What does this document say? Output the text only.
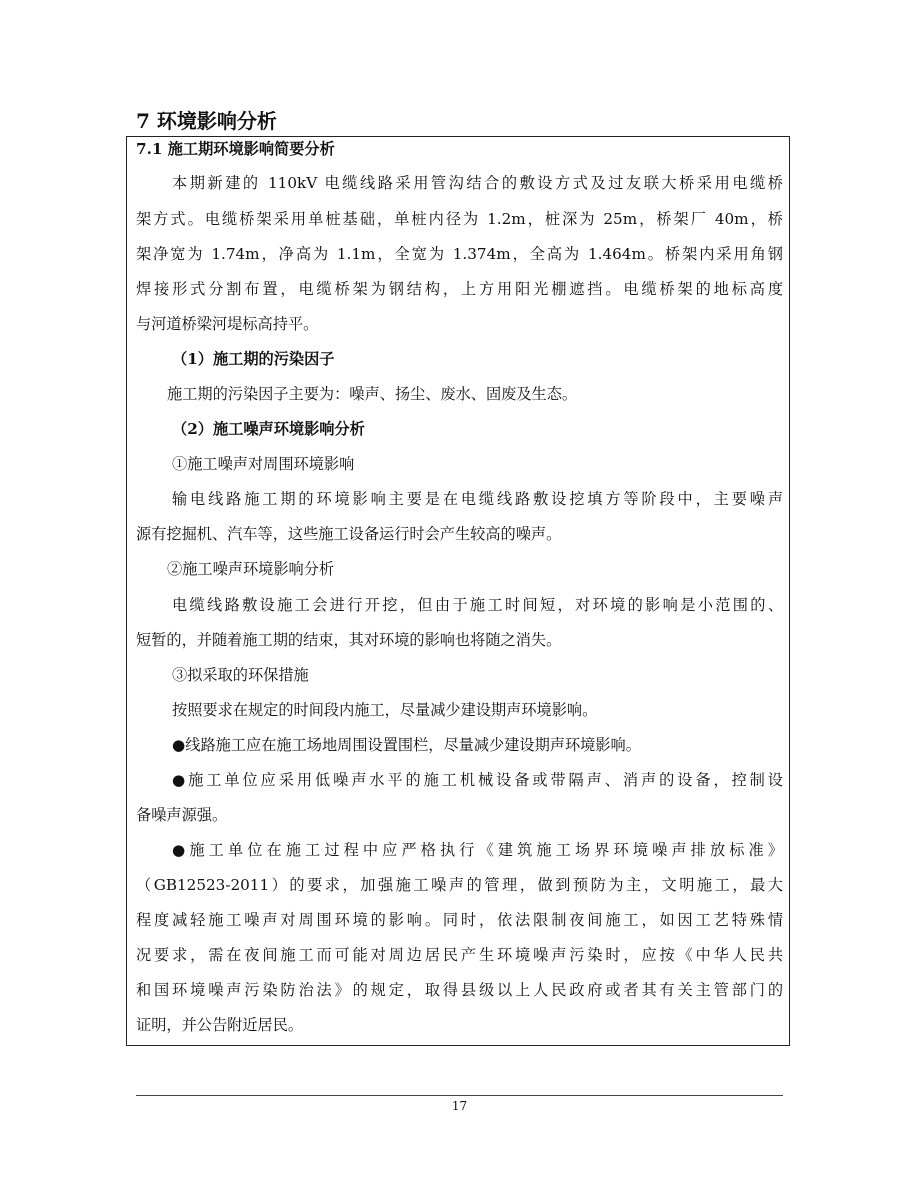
7 环境影响分析

7.1 施工期环境影响简要分析

本期新建的 110kV 电缆线路采用管沟结合的敷设方式及过友联大桥采用电缆桥

架方式。电缆桥架采用单桩基础，单桩内径为 1.2m，桩深为 25m，桥架厂 40m，桥

架净宽为 1.74m，净高为 1.1m，全宽为 1.374m，全高为 1.464m。桥架内采用角钢

焊接形式分割布置，电缆桥架为钢结构，上方用阳光棚遮挡。电缆桥架的地标高度

与河道桥梁河堤标高持平。

（1）施工期的污染因子

施工期的污染因子主要为：噪声、扬尘、废水、固废及生态。

（2）施工噪声环境影响分析

①施工噪声对周围环境影响

输电线路施工期的环境影响主要是在电缆线路敷设挖填方等阶段中，主要噪声

源有挖掘机、汽车等，这些施工设备运行时会产生较高的噪声。

②施工噪声环境影响分析

电缆线路敷设施工会进行开挖，但由于施工时间短，对环境的影响是小范围的、

短暂的，并随着施工期的结束，其对环境的影响也将随之消失。

③拟采取的环保措施

按照要求在规定的时间段内施工，尽量减少建设期声环境影响。

●线路施工应在施工场地周围设置围栏，尽量减少建设期声环境影响。

●施工单位应采用低噪声水平的施工机械设备或带隔声、消声的设备，控制设

备噪声源强。

●施工单位在施工过程中应严格执行《建筑施工场界环境噪声排放标准》

（GB12523-2011）的要求，加强施工噪声的管理，做到预防为主，文明施工，最大

程度减轻施工噪声对周围环境的影响。同时，依法限制夜间施工，如因工艺特殊情

况要求，需在夜间施工而可能对周边居民产生环境噪声污染时，应按《中华人民共

和国环境噪声污染防治法》的规定，取得县级以上人民政府或者其有关主管部门的

证明，并公告附近居民。

17
